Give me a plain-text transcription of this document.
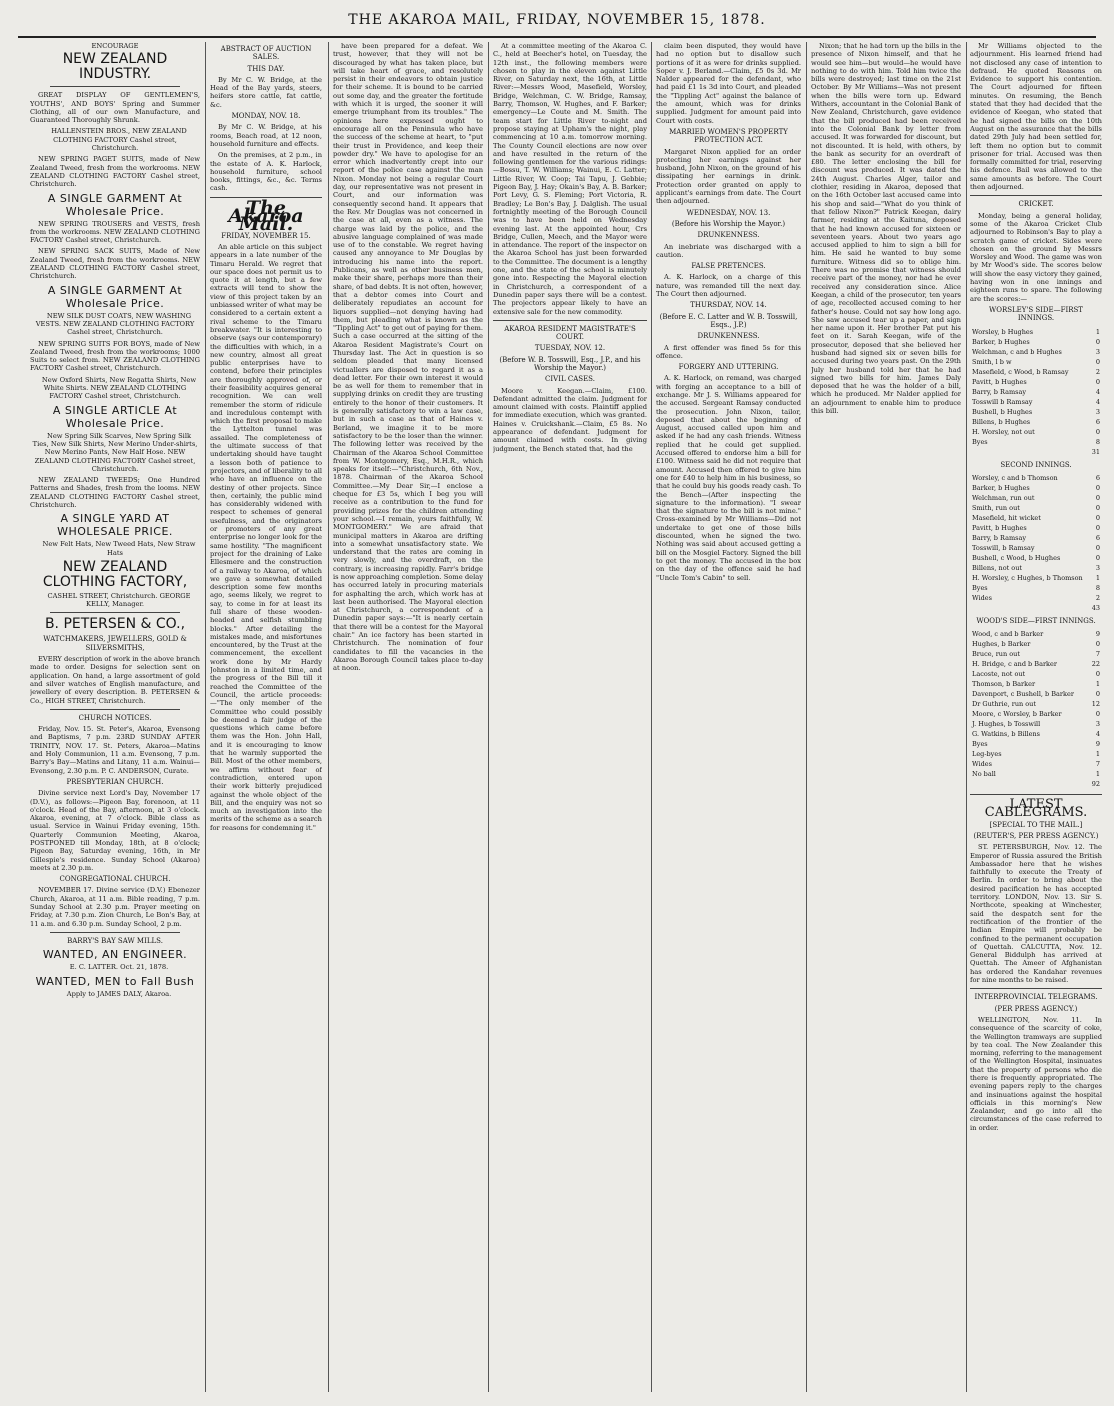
THE AKAROA MAIL, FRIDAY, NOVEMBER 15, 1878.
ENCOURAGE
NEW ZEALAND INDUSTRY.

GREAT DISPLAY OF GENTLEMEN'S, YOUTHS', AND BOYS' Spring and Summer Clothing, all of our own Manufacture, and Guaranteed Thoroughly Shrunk.

HALLENSTEIN BROS., NEW ZEALAND CLOTHING FACTORY Cashel street, Christchurch.

NEW SPRING PAGET SUITS, made of New Zealand Tweed, fresh from the workrooms. NEW ZEALAND CLOTHING FACTORY Cashel street, Christchurch.

A SINGLE GARMENT At Wholesale Price.

NEW SPRING TROUSERS and VESTS, fresh from the workrooms. NEW ZEALAND CLOTHING FACTORY Cashel street, Christchurch.

NEW SPRING SACK SUITS, Made of New Zealand Tweed, fresh from the workrooms. NEW ZEALAND CLOTHING FACTORY Cashel street, Christchurch.

A SINGLE GARMENT At Wholesale Price.

NEW SILK DUST COATS, NEW WASHING VESTS. NEW ZEALAND CLOTHING FACTORY Cashel street, Christchurch.

NEW SPRING SUITS FOR BOYS, made of New Zealand Tweed, fresh from the workrooms; 1000 Suits to select from. NEW ZEALAND CLOTHING FACTORY Cashel street, Christchurch.

New Oxford Shirts, New Regatta Shirts, New White Shirts. NEW ZEALAND CLOTHING FACTORY Cashel street, Christchurch.

A SINGLE ARTICLE At Wholesale Price.

New Spring Silk Scarves, New Spring Silk Ties, New Silk Shirts, New Merino Under-shirts, New Merino Pants, New Half Hose. NEW ZEALAND CLOTHING FACTORY Cashel street, Christchurch.

NEW ZEALAND TWEEDS; One Hundred Patterns and Shades, fresh from the looms. NEW ZEALAND CLOTHING FACTORY Cashel street, Christchurch.

A SINGLE YARD AT WHOLESALE PRICE.

New Felt Hats, New Tweed Hats, New Straw Hats

NEW ZEALAND CLOTHING FACTORY,

CASHEL STREET, Christchurch. GEORGE KELLY, Manager.

B. PETERSEN & CO.,
WATCHMAKERS, JEWELLERS, GOLD & SILVERSMITHS,

EVERY description of work in the above branch made to order. Designs for selection sent on application. On hand, a large assortment of gold and silver watches of English manufacture, and jewellery of every description. B. PETERSEN & Co., HIGH STREET, Christchurch.

CHURCH NOTICES.

Friday, Nov. 15. St. Peter's, Akaroa, Evensong and Baptisms, 7 p.m. 23RD SUNDAY AFTER TRINITY, NOV. 17. St. Peters, Akaroa—Matins and Holy Communion, 11 a.m. Evensong, 7 p.m. Barry's Bay—Matins and Litany, 11 a.m. Wainui—Evensong, 2.30 p.m. P. C. ANDERSON, Curate.

PRESBYTERIAN CHURCH.

Divine service next Lord's Day, November 17 (D.V.), as follows:—Pigeon Bay, forenoon, at 11 o'clock. Head of the Bay, afternoon, at 3 o'clock. Akaroa, evening, at 7 o'clock. Bible class as usual. Service in Wainui Friday evening, 15th. Quarterly Communion Meeting, Akaroa, POSTPONED till Monday, 18th, at 8 o'clock; Pigeon Bay, Saturday evening, 16th, in Mr Gillespie's residence. Sunday School (Akaroa) meets at 2.30 p.m.

CONGREGATIONAL CHURCH.

NOVEMBER 17. Divine service (D.V.) Ebenezer Church, Akaroa, at 11 a.m. Bible reading, 7 p.m. Sunday School at 2.30 p.m. Prayer meeting on Friday, at 7.30 p.m. Zion Church, Le Bon's Bay, at 11 a.m. and 6.30 p.m. Sunday School, 2 p.m.

BARRY'S BAY SAW MILLS.
WANTED, AN ENGINEER.

E. C. LATTER. Oct. 21, 1878.

WANTED, MEN to Fall Bush

Apply to JAMES DALY, Akaroa.

ABSTRACT OF AUCTION SALES.
THIS DAY.

By Mr C. W. Bridge, at the Head of the Bay yards, steers, heifers store cattle, fat cattle, &c.

MONDAY, NOV. 18.

By Mr C. W. Bridge, at his rooms, Beach road, at 12 noon, household furniture and effects.

On the premises, at 2 p.m., in the estate of A. K. Harlock, household furniture, school books, fittings, &c., &c. Terms cash.

The Akaroa Mail.
FRIDAY, NOVEMBER 15.

An able article on this subject appears in a late number of the Timaru Herald. We regret that our space does not permit us to quote it at length, but a few extracts will tend to show the view of this project taken by an unbiassed writer of what may be considered to a certain extent a rival scheme to the Timaru breakwater. "It is interesting to observe (says our contemporary) the difficulties with which, in a new country, almost all great public enterprises have to contend, before their principles are thoroughly approved of, or their feasibility acquires general recognition. We can well remember the storm of ridicule and incredulous contempt with which the first proposal to make the Lyttelton tunnel was assailed. The completeness of the ultimate success of that undertaking should have taught a lesson both of patience to projectors, and of liberality to all who have an influence on the destiny of other projects. Since then, certainly, the public mind has considerably widened with respect to schemes of general usefulness, and the originators or promoters of any great enterprise no longer look for the same hostility. "The magnificent project for the draining of Lake Ellesmere and the construction of a railway to Akaroa, of which we gave a somewhat detailed description some few months ago, seems likely, we regret to say, to come in for at least its full share of these wooden-headed and selfish stumbling blocks." After detailing the mistakes made, and misfortunes encountered, by the Trust at the commencement, the excellent work done by Mr Hardy Johnston in a limited time, and the progress of the Bill till it reached the Committee of the Council, the article proceeds:—"The only member of the Committee who could possibly be deemed a fair judge of the questions which came before them was the Hon. John Hall, and it is encouraging to know that he warmly supported the Bill. Most of the other members, we affirm without fear of contradiction, entered upon their work bitterly prejudiced against the whole object of the Bill, and the enquiry was not so much an investigation into the merits of the scheme as a search for reasons for condemning it."

have been prepared for a defeat. We trust, however, that they will not be discouraged by what has taken place, but will take heart of grace, and resolutely persist in their endeavors to obtain justice for their scheme. It is bound to be carried out some day, and the greater the fortitude with which it is urged, the sooner it will emerge triumphant from its troubles." The opinions here expressed ought to encourage all on the Peninsula who have the success of the scheme at heart, to "put their trust in Providence, and keep their powder dry." We have to apologise for an error which inadvertently crept into our report of the police case against the man Nixon. Monday not being a regular Court day, our representative was not present in Court, and our information was consequently second hand. It appears that the Rev. Mr Douglas was not concerned in the case at all, even as a witness. The charge was laid by the police, and the abusive language complained of was made use of to the constable. We regret having caused any annoyance to Mr Douglas by introducing his name into the report. Publicans, as well as other business men, make their share, perhaps more than their share, of bad debts. It is not often, however, that a debtor comes into Court and deliberately repudiates an account for liquors supplied—not denying having had them, but pleading what is known as the "Tippling Act" to get out of paying for them. Such a case occurred at the sitting of the Akaroa Resident Magistrate's Court on Thursday last. The Act in question is so seldom pleaded that many licensed victuallers are disposed to regard it as a dead letter. For their own interest it would be as well for them to remember that in supplying drinks on credit they are trusting entirely to the honor of their customers. It is generally satisfactory to win a law case, but in such a case as that of Haines v. Berland, we imagine it to be more satisfactory to be the loser than the winner. The following letter was received by the Chairman of the Akaroa School Committee from W. Montgomery, Esq., M.H.R., which speaks for itself:—"Christchurch, 6th Nov., 1878. Chairman of the Akaroa School Committee.—My Dear Sir,—I enclose a cheque for £3 5s, which I beg you will receive as a contribution to the fund for providing prizes for the children attending your school.—I remain, yours faithfully, W. MONTGOMERY." We are afraid that municipal matters in Akaroa are drifting into a somewhat unsatisfactory state. We understand that the rates are coming in very slowly, and the overdraft, on the contrary, is increasing rapidly. Farr's bridge is now approaching completion. Some delay has occurred lately in procuring materials for asphalting the arch, which work has at last been authorised. The Mayoral election at Christchurch, a correspondent of a Dunedin paper says:—"It is nearly certain that there will be a contest for the Mayoral chair." An ice factory has been started in Christchurch. The nomination of four candidates to fill the vacancies in the Akaroa Borough Council takes place to-day at noon.

At a committee meeting of the Akaroa C. C., held at Beecher's hotel, on Tuesday, the 12th inst., the following members were chosen to play in the eleven against Little River, on Saturday next, the 16th, at Little River:—Messrs Wood, Masefield, Worsley, Bridge, Welchman, C. W. Bridge, Ramsay, Barry, Thomson, W. Hughes, and F. Barker; emergency—Le Coute and M. Smith. The team start for Little River to-night and propose staying at Upham's the night, play commencing at 10 a.m. tomorrow morning. The County Council elections are now over and have resulted in the return of the following gentlemen for the various ridings:—Bossu, T. W. Williams; Wainui, E. C. Latter; Little River, W. Coop; Tai Tapu, J. Gebbie; Pigeon Bay, J. Hay; Okain's Bay, A. B. Barker; Port Levy, G. S. Fleming; Port Victoria, R. Bradley; Le Bon's Bay, J. Dalglish. The usual fortnightly meeting of the Borough Council was to have been held on Wednesday evening last. At the appointed hour, Crs Bridge, Cullen, Meech, and the Mayor were in attendance. The report of the inspector on the Akaroa School has just been forwarded to the Committee. The document is a lengthy one, and the state of the school is minutely gone into. Respecting the Mayoral election in Christchurch, a correspondent of a Dunedin paper says there will be a contest. The projectors appear likely to have an extensive sale for the new commodity.

AKAROA RESIDENT MAGISTRATE'S COURT.
TUESDAY, NOV. 12.
(Before W. B. Tosswill, Esq., J.P., and his Worship the Mayor.)
CIVIL CASES.

Moore v. Keegan.—Claim, £100. Defendant admitted the claim. Judgment for amount claimed with costs. Plaintiff applied for immediate execution, which was granted. Haines v. Cruickshank.—Claim, £5 8s. No appearance of defendant. Judgment for amount claimed with costs. In giving judgment, the Bench stated that, had the

claim been disputed, they would have had no option but to disallow such portions of it as were for drinks supplied. Soper v. J. Berland.—Claim, £5 0s 3d. Mr Nalder appeared for the defendant, who had paid £1 1s 3d into Court, and pleaded the "Tippling Act" against the balance of the amount, which was for drinks supplied. Judgment for amount paid into Court with costs.

MARRIED WOMEN'S PROPERTY PROTECTION ACT.

Margaret Nixon applied for an order protecting her earnings against her husband, John Nixon, on the ground of his dissipating her earnings in drink. Protection order granted on apply to applicant's earnings from date. The Court then adjourned.

WEDNESDAY, NOV. 13.
(Before his Worship the Mayor.)
DRUNKENNESS.

An inebriate was discharged with a caution.

FALSE PRETENCES.

A. K. Harlock, on a charge of this nature, was remanded till the next day. The Court then adjourned.

THURSDAY, NOV. 14.
(Before E. C. Latter and W. B. Tosswill, Esqs., J.P.)
DRUNKENNESS.

A first offender was fined 5s for this offence.

FORGERY AND UTTERING.

A. K. Harlock, on remand, was charged with forging an acceptance to a bill of exchange. Mr J. S. Williams appeared for the accused. Sergeant Ramsay conducted the prosecution. John Nixon, tailor, deposed that about the beginning of August, accused called upon him and asked if he had any cash friends. Witness replied that he could get supplied. Accused offered to endorse him a bill for £100. Witness said he did not require that amount. Accused then offered to give him one for £40 to help him in his business, so that he could buy his goods ready cash. To the Bench—(After inspecting the signature to the information). "I swear that the signature to the bill is not mine." Cross-examined by Mr Williams—Did not undertake to get one of those bills discounted, when he signed the two. Nothing was said about accused getting a bill on the Mosgiel Factory. Signed the bill to get the money. The accused in the box on the day of the offence said he had "Uncle Tom's Cabin" to sell.

Nixon; that he had torn up the bills in the presence of Nixon himself, and that he would see him—but would—he would have nothing to do with him. Told him twice the bills were destroyed; last time on the 21st October. By Mr Williams—Was not present when the bills were torn up. Edward Withers, accountant in the Colonial Bank of New Zealand, Christchurch, gave evidence that the bill produced had been received into the Colonial Bank by letter from accused. It was forwarded for discount, but not discounted. It is held, with others, by the bank as security for an overdraft of £80. The letter enclosing the bill for discount was produced. It was dated the 24th August. Charles Alger, tailor and clothier, residing in Akaroa, deposed that on the 16th October last accused came into his shop and said—"What do you think of that fellow Nixon?" Patrick Keegan, dairy farmer, residing at the Kaituna, deposed that he had known accused for sixteen or seventeen years. About two years ago accused applied to him to sign a bill for him. He said he wanted to buy some furniture. Witness did so to oblige him. There was no promise that witness should receive part of the money, nor had he ever received any consideration since. Alice Keegan, a child of the prosecutor, ten years of age, recollected accused coming to her father's house. Could not say how long ago. She saw accused tear up a paper, and sign her name upon it. Her brother Pat put his feet on it. Sarah Keegan, wife of the prosecutor, deposed that she believed her husband had signed six or seven bills for accused during two years past. On the 29th July her husband told her that he had signed two bills for him. James Daly deposed that he was the holder of a bill, which he produced. Mr Nalder applied for an adjournment to enable him to produce this bill.

Mr Williams objected to the adjournment. His learned friend had not disclosed any case of intention to defraud. He quoted Reasons on Evidence to support his contention. The Court adjourned for fifteen minutes. On resuming, the Bench stated that they had decided that the evidence of Keegan, who stated that he had signed the bills on the 10th August on the assurance that the bills dated 29th July had been settled for, left them no option but to commit prisoner for trial. Accused was then formally committed for trial, reserving his defence. Bail was allowed to the same amounts as before. The Court then adjourned.

CRICKET.

Monday, being a general holiday, some of the Akaroa Cricket Club adjourned to Robinson's Bay to play a scratch game of cricket. Sides were chosen on the ground by Messrs Worsley and Wood. The game was won by Mr Wood's side. The scores below will show the easy victory they gained, having won in one innings and eighteen runs to spare. The following are the scores:—

WORSLEY'S SIDE—FIRST INNINGS.
Worsley, b Hughes	1
Barker, b Hughes	0
Welchman, c and b Hughes	3
Smith, l b w	0
Masefield, c Wood, b Ramsay	2
Pavitt, b Hughes	0
Barry, b Ramsay	4
Tosswill b Ramsay	4
Bushell, b Hughes	3
Billens, b Hughes	6
H. Worsley, not out	0
Byes	8
	31
SECOND INNINGS.
Worsley, c and b Thomson	6
Barker, b Hughes	0
Welchman, run out	0
Smith, run out	0
Masefield, hit wicket	0
Pavitt, b Hughes	0
Barry, b Ramsay	6
Tosswill, b Ramsay	0
Bushell, c Wood, b Hughes	0
Billens, not out	3
H. Worsley, c Hughes, b Thomson	1
Byes	8
Wides	2
	43
WOOD'S SIDE—FIRST INNINGS.
Wood, c and b Barker	9
Hughes, b Barker	0
Bruce, run out	7
H. Bridge, c and b Barker	22
Lacoste, not out	0
Thomson, b Barker	1
Davenport, c Bushell, b Barker	0
Dr Guthrie, run out	12
Moore, c Worsley, b Barker	0
J. Hughes, b Tosswill	3
G. Watkins, b Billens	4
Byes	9
Leg-byes	1
Wides	7
No ball	1
	92
LATEST CABLEGRAMS.
[SPECIAL TO THE MAIL.]
(REUTER'S, PER PRESS AGENCY.)

ST. PETERSBURGH, Nov. 12. The Emperor of Russia assured the British Ambassador here that he wishes faithfully to execute the Treaty of Berlin. In order to bring about the desired pacification he has accepted territory. LONDON, Nov. 13. Sir S. Northcote, speaking at Winchester, said the despatch sent for the rectification of the frontier of the Indian Empire will probably be confined to the permanent occupation of Quettah. CALCUTTA, Nov. 12. General Biddulph has arrived at Quettah. The Ameer of Afghanistan has ordered the Kandahar revenues for nine months to be raised.

INTERPROVINCIAL TELEGRAMS.
(PER PRESS AGENCY.)

WELLINGTON, Nov. 11. In consequence of the scarcity of coke, the Wellington tramways are supplied by tea coal. The New Zealander this morning, referring to the management of the Wellington Hospital, insinuates that the property of persons who die there is frequently appropriated. The evening papers reply to the charges and insinuations against the hospital officials in this morning's New Zealander, and go into all the circumstances of the case referred to in order.
